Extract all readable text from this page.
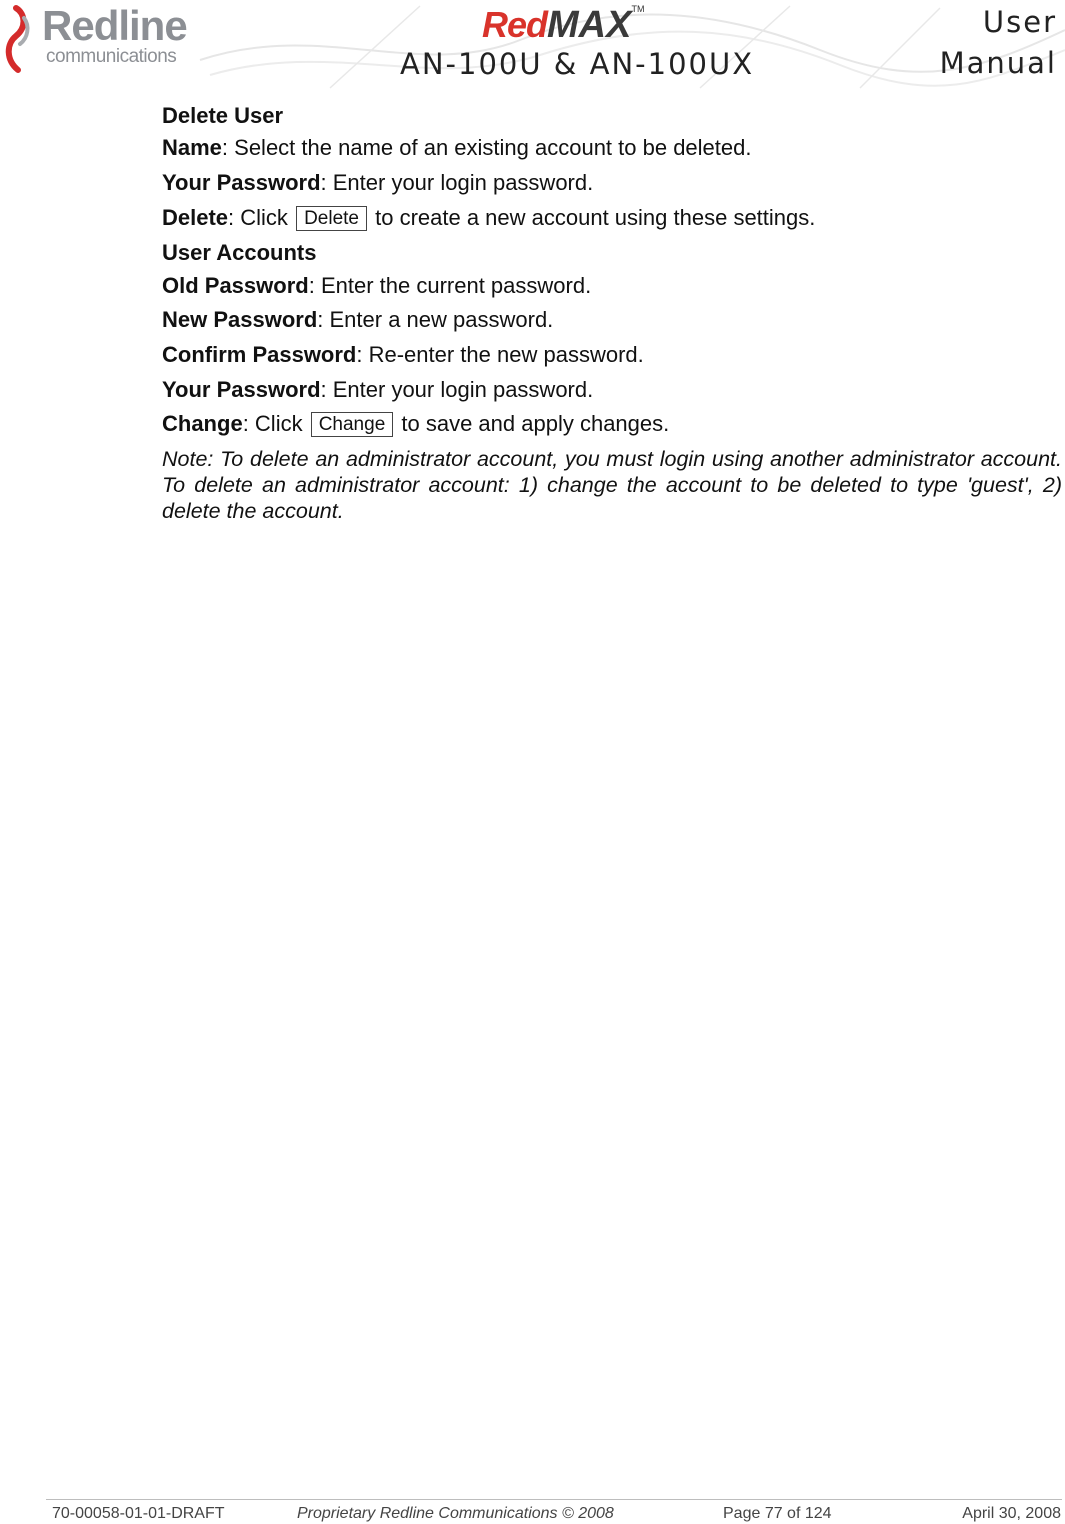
Redline
communications
RedMAX™
AN-100U & AN-100UX
User
Manual
Delete User
Name: Select the name of an existing account to be deleted.
Your Password: Enter your login password.
Delete: Click Delete to create a new account using these settings.
User Accounts
Old Password: Enter the current password.
New Password: Enter a new password.
Confirm Password: Re-enter the new password.
Your Password: Enter your login password.
Change: Click Change to save and apply changes.
Note: To delete an administrator account, you must login using another administrator account. To delete an administrator account: 1) change the account to be deleted to type 'guest', 2) delete the account.
70-00058-01-01-DRAFT	Proprietary Redline Communications © 2008	Page 77 of 124	April 30, 2008
